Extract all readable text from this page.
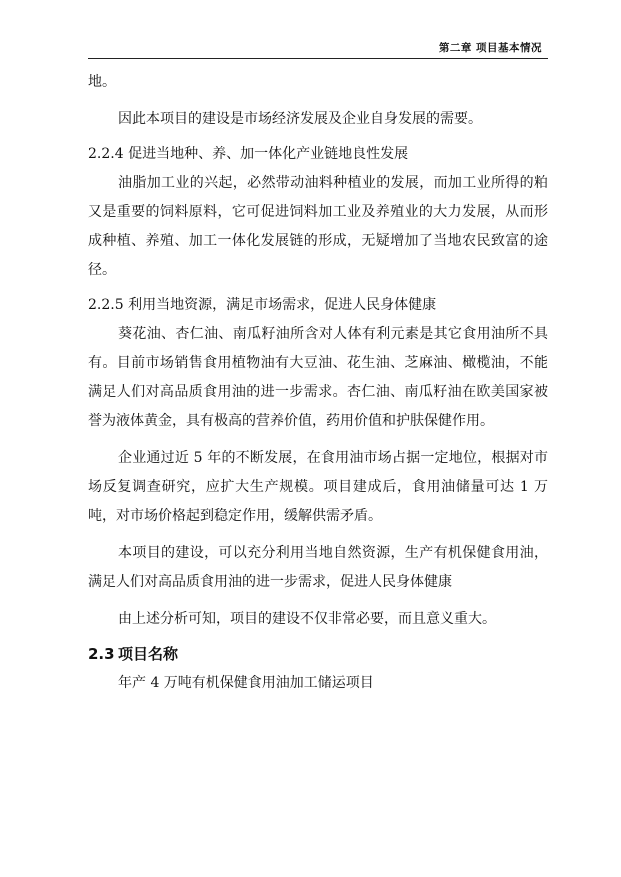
第二章 项目基本情况

地。

因此本项目的建设是市场经济发展及企业自身发展的需要。

2.2.4 促进当地种、养、加一体化产业链地良性发展

油脂加工业的兴起，必然带动油料种植业的发展，而加工业所得的粕又是重要的饲料原料，它可促进饲料加工业及养殖业的大力发展，从而形成种植、养殖、加工一体化发展链的形成，无疑增加了当地农民致富的途径。

2.2.5 利用当地资源，满足市场需求，促进人民身体健康

葵花油、杏仁油、南瓜籽油所含对人体有利元素是其它食用油所不具有。目前市场销售食用植物油有大豆油、花生油、芝麻油、橄榄油，不能满足人们对高品质食用油的进一步需求。杏仁油、南瓜籽油在欧美国家被誉为液体黄金，具有极高的营养价值，药用价值和护肤保健作用。

企业通过近 5 年的不断发展，在食用油市场占据一定地位，根据对市场反复调查研究，应扩大生产规模。项目建成后，食用油储量可达 1 万吨，对市场价格起到稳定作用，缓解供需矛盾。

本项目的建设，可以充分利用当地自然资源，生产有机保健食用油，满足人们对高品质食用油的进一步需求，促进人民身体健康

由上述分析可知，项目的建设不仅非常必要，而且意义重大。

2.3 项目名称

年产 4 万吨有机保健食用油加工储运项目
